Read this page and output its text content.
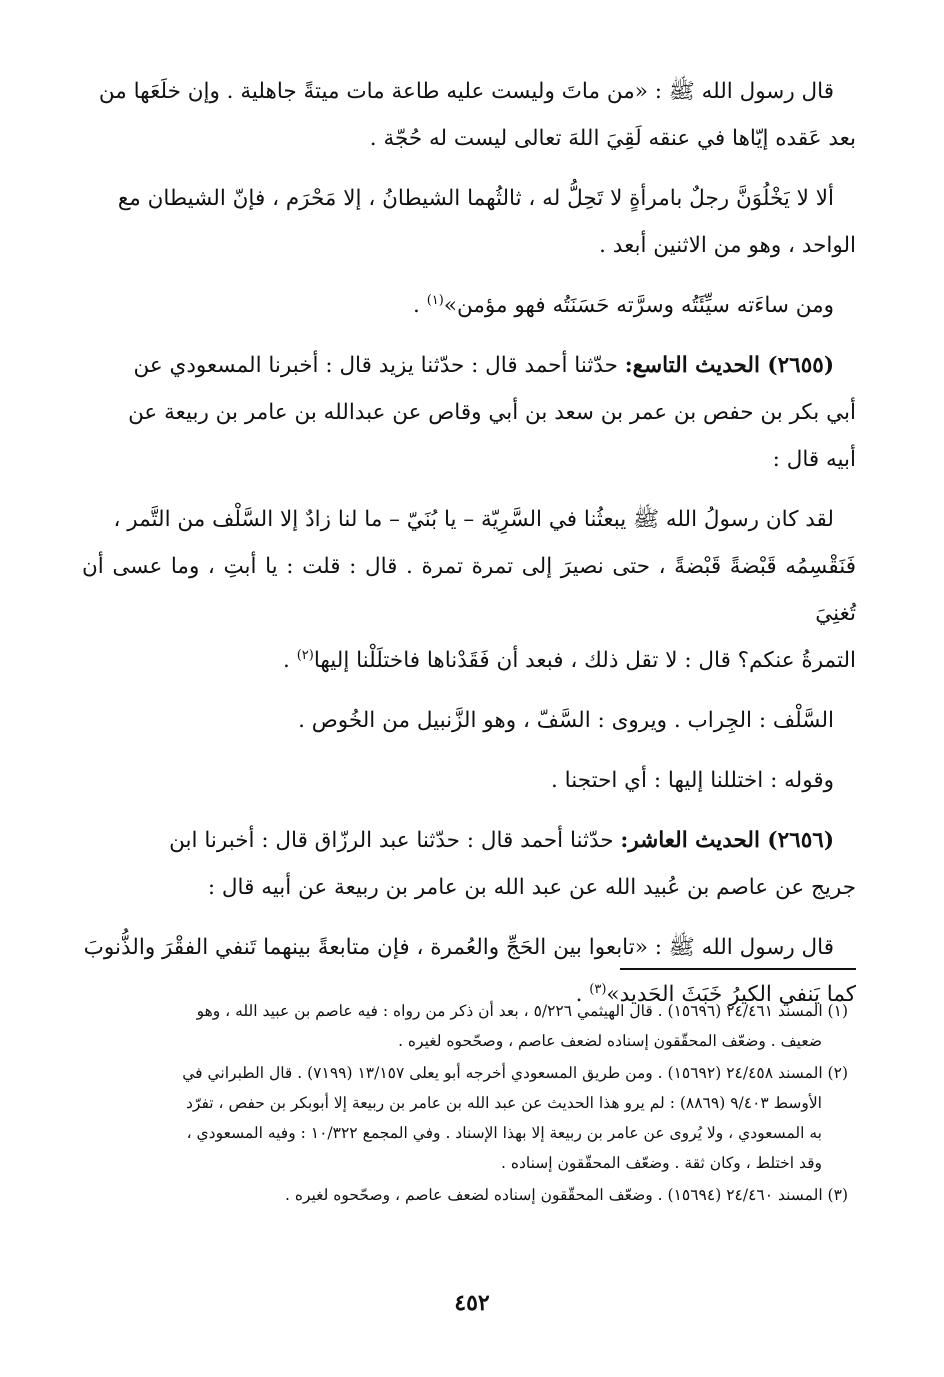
قال رسول الله ﷺ : «من ماتَ وليست عليه طاعة مات ميتةً جاهلية . وإن خلَعَها من

بعد عَقده إيّاها في عنقه لَقِيَ اللهَ تعالى ليست له حُجّة .

ألا لا يَخْلُوَنَّ رجلٌ بامرأةٍ لا تَحِلُّ له ، ثالثُهما الشيطانُ ، إلا مَحْرَم ، فإنّ الشيطان مع

الواحد ، وهو من الاثنين أبعد .

ومن ساءَته سيِّئَتُه وسرَّته حَسَنَتُه فهو مؤمن»$^{(١)}$ .

(٢٦٥٥) الحديث التاسع: حدّثنا أحمد قال : حدّثنا يزيد قال : أخبرنا المسعودي عن

أبي بكر بن حفص بن عمر بن سعد بن أبي وقاص عن عبدالله بن عامر بن ربيعة عن

أبيه قال :

لقد كان رسولُ الله ﷺ يبعثُنا في السَّرِيّة – يا بُنَيّ – ما لنا زادٌ إلا السَّلْف من التَّمر ،

فَنَقْسِمُه قَبْضةً قَبْضةً ، حتى نصيرَ إلى تمرة تمرة . قال : قلت : يا أبتِ ، وما عسى أن تُغنِيَ

التمرةُ عنكم؟ قال : لا تقل ذلك ، فبعد أن فَقَدْناها فاختلَلْنا إليها$^{(٢)}$ .

السَّلْف : الجِراب . ويروى : السَّفّ ، وهو الزَّنبيل من الخُوص .

وقوله : اختللنا إليها : أي احتجنا .

(٢٦٥٦) الحديث العاشر: حدّثنا أحمد قال : حدّثنا عبد الرزّاق قال : أخبرنا ابن

جريج عن عاصم بن عُبيد الله عن عبد الله بن عامر بن ربيعة عن أبيه قال :

قال رسول الله ﷺ : «تابعوا بين الحَجِّ والعُمرة ، فإن متابعةً بينهما تَنفي الفقْرَ والذُّنوبَ

كما يَنفي الكيرُ خَبَثَ الحَديد»$^{(٣)}$ .

(١) المسند ٢٤/٤٦١ (١٥٦٩٦) . قال الهيثمي ٥/٢٢٦ ، بعد أن ذكر من رواه : فيه عاصم بن عبيد الله ، وهو

ضعيف . وضعّف المحقّقون إسناده لضعف عاصم ، وصحّحوه لغيره .

(٢) المسند ٢٤/٤٥٨ (١٥٦٩٢) . ومن طريق المسعودي أخرجه أبو يعلى ١٣/١٥٧ (٧١٩٩) . قال الطبراني في

الأوسط ٩/٤٠٣ (٨٨٦٩) : لم يرو هذا الحديث عن عبد الله بن عامر بن ربيعة إلا أبوبكر بن حفص ، تفرّد

به المسعودي ، ولا يُروى عن عامر بن ربيعة إلا بهذا الإسناد . وفي المجمع ١٠/٣٢٢ : وفيه المسعودي ،

وقد اختلط ، وكان ثقة . وضعّف المحقّقون إسناده .

(٣) المسند ٢٤/٤٦٠ (١٥٦٩٤) . وضعّف المحقّقون إسناده لضعف عاصم ، وصحّحوه لغيره .

٤٥٢
